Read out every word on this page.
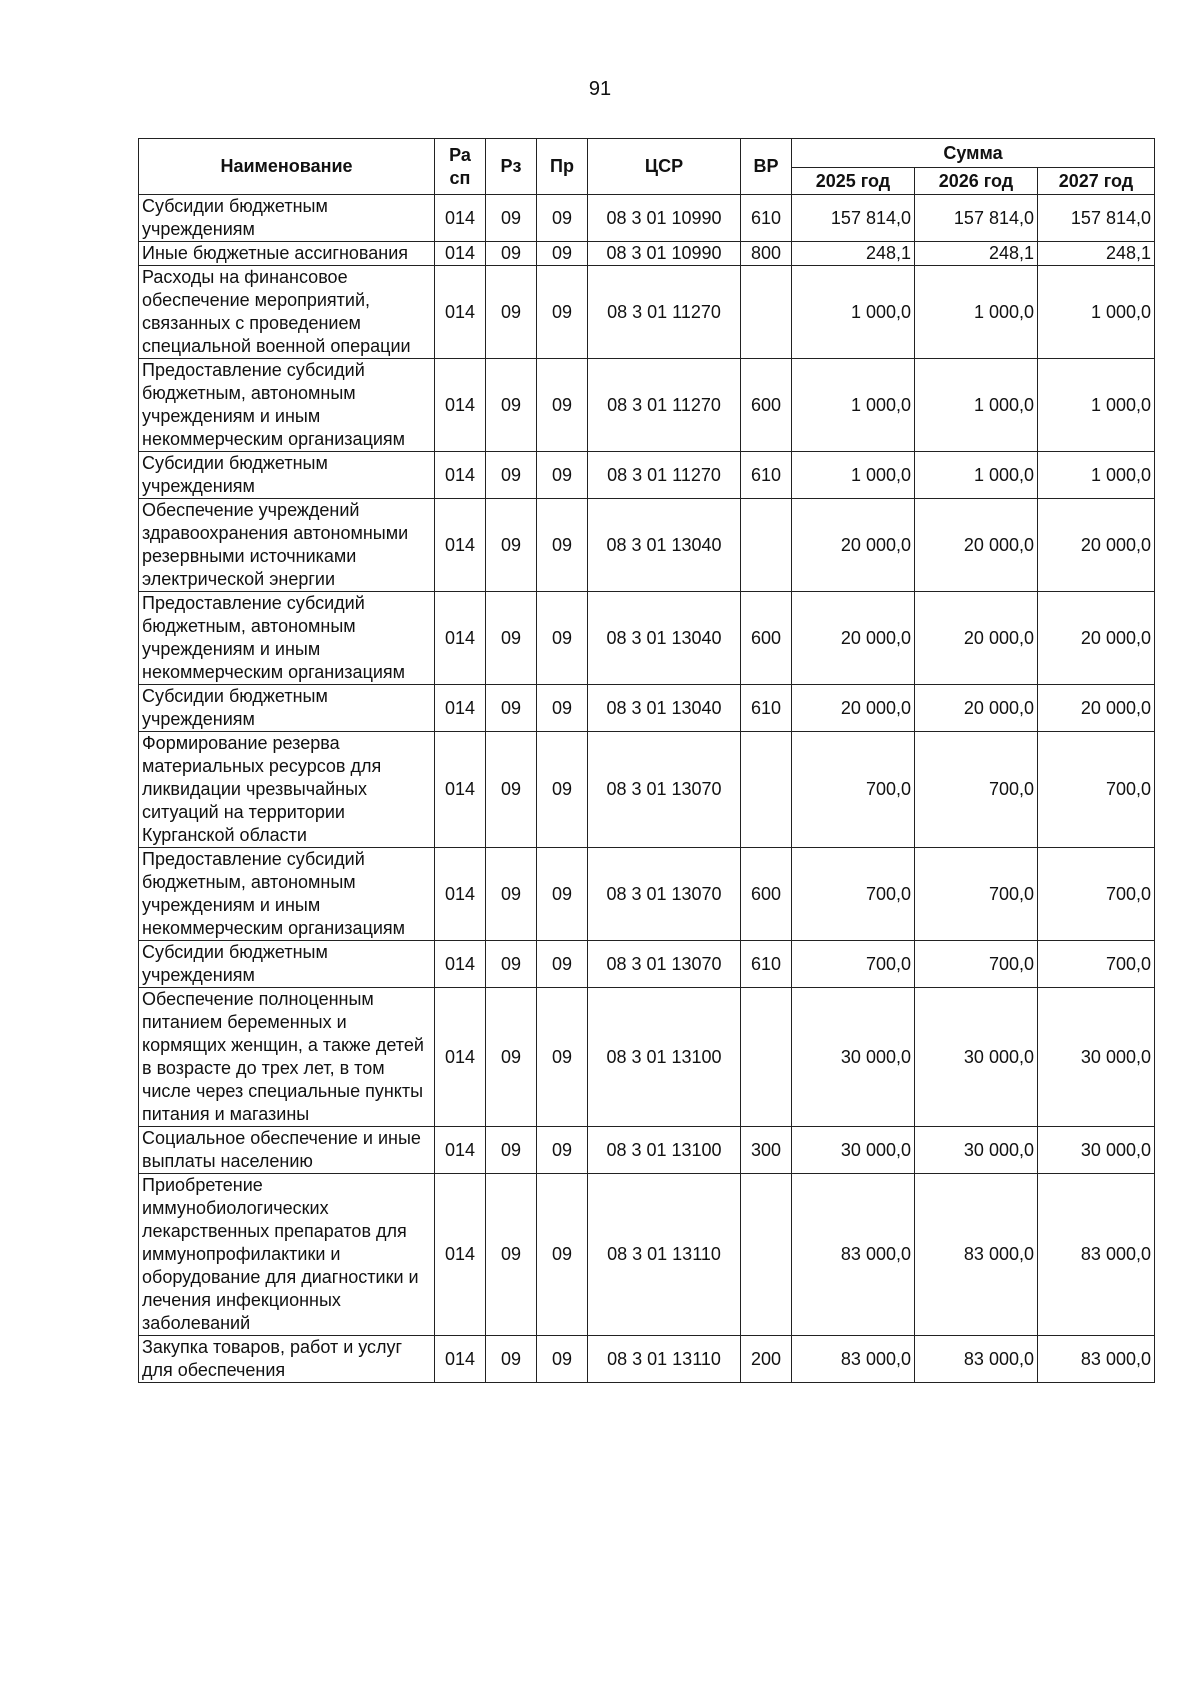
91
Наименование	Ра сп	Рз	Пр	ЦСР	ВР	Сумма		
						2025 год	2026 год	2027 год
Субсидии бюджетным учреждениям	014	09	09	08 3 01 10990	610	157 814,0	157 814,0	157 814,0
Иные бюджетные ассигнования	014	09	09	08 3 01 10990	800	248,1	248,1	248,1
Расходы на финансовое обеспечение мероприятий, связанных с проведением специальной военной операции	014	09	09	08 3 01 11270		1 000,0	1 000,0	1 000,0
Предоставление субсидий бюджетным, автономным учреждениям и иным некоммерческим организациям	014	09	09	08 3 01 11270	600	1 000,0	1 000,0	1 000,0
Субсидии бюджетным учреждениям	014	09	09	08 3 01 11270	610	1 000,0	1 000,0	1 000,0
Обеспечение учреждений здравоохранения автономными резервными источниками электрической энергии	014	09	09	08 3 01 13040		20 000,0	20 000,0	20 000,0
Предоставление субсидий бюджетным, автономным учреждениям и иным некоммерческим организациям	014	09	09	08 3 01 13040	600	20 000,0	20 000,0	20 000,0
Субсидии бюджетным учреждениям	014	09	09	08 3 01 13040	610	20 000,0	20 000,0	20 000,0
Формирование резерва материальных ресурсов для ликвидации чрезвычайных ситуаций на территории Курганской области	014	09	09	08 3 01 13070		700,0	700,0	700,0
Предоставление субсидий бюджетным, автономным учреждениям и иным некоммерческим организациям	014	09	09	08 3 01 13070	600	700,0	700,0	700,0
Субсидии бюджетным учреждениям	014	09	09	08 3 01 13070	610	700,0	700,0	700,0
Обеспечение полноценным питанием беременных и кормящих женщин, а также детей в возрасте до трех лет, в том числе через специальные пункты питания и магазины	014	09	09	08 3 01 13100		30 000,0	30 000,0	30 000,0
Социальное обеспечение и иные выплаты населению	014	09	09	08 3 01 13100	300	30 000,0	30 000,0	30 000,0
Приобретение иммунобиологических лекарственных препаратов для иммунопрофилактики и оборудование для диагностики и лечения инфекционных заболеваний	014	09	09	08 3 01 13110		83 000,0	83 000,0	83 000,0
Закупка товаров, работ и услуг для обеспечения	014	09	09	08 3 01 13110	200	83 000,0	83 000,0	83 000,0
